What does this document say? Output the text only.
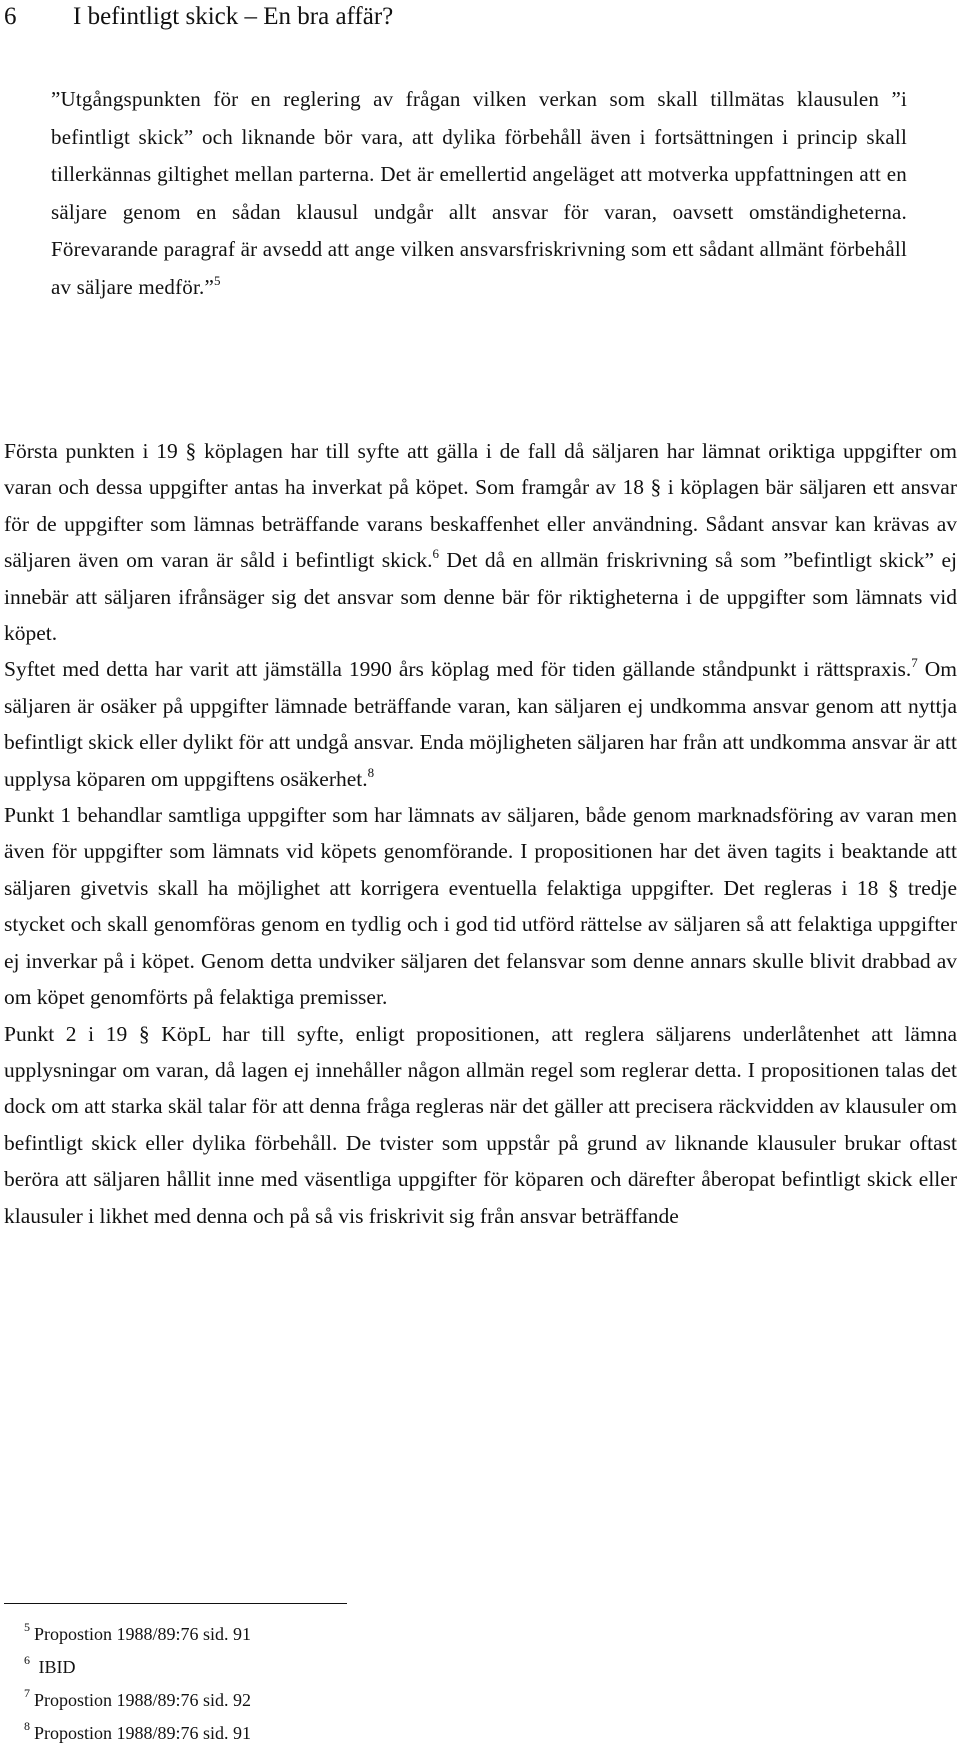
6 I befintligt skick – En bra affär?
”Utgångspunkten för en reglering av frågan vilken verkan som skall tillmätas klausulen ”i befintligt skick” och liknande bör vara, att dylika förbehåll även i fortsättningen i princip skall tillerkännas giltighet mellan parterna. Det är emellertid angeläget att motverka uppfattningen att en säljare genom en sådan klausul undgår allt ansvar för varan, oavsett omständigheterna. Förevarande paragraf är avsedd att ange vilken ansvarsfriskrivning som ett sådant allmänt förbehåll av säljare medför.”$^5$

Första punkten i 19 § köplagen har till syfte att gälla i de fall då säljaren har lämnat oriktiga uppgifter om varan och dessa uppgifter antas ha inverkat på köpet. Som framgår av 18 § i köplagen bär säljaren ett ansvar för de uppgifter som lämnas beträffande varans beskaffenhet eller användning. Sådant ansvar kan krävas av säljaren även om varan är såld i befintligt skick.$^6$ Det då en allmän friskrivning så som ”befintligt skick” ej innebär att säljaren ifrånsäger sig det ansvar som denne bär för riktigheterna i de uppgifter som lämnats vid köpet.

Syftet med detta har varit att jämställa 1990 års köplag med för tiden gällande ståndpunkt i rättspraxis.$^7$ Om säljaren är osäker på uppgifter lämnade beträffande varan, kan säljaren ej undkomma ansvar genom att nyttja befintligt skick eller dylikt för att undgå ansvar. Enda möjligheten säljaren har från att undkomma ansvar är att upplysa köparen om uppgiftens osäkerhet.$^8$

Punkt 1 behandlar samtliga uppgifter som har lämnats av säljaren, både genom marknadsföring av varan men även för uppgifter som lämnats vid köpets genomförande. I propositionen har det även tagits i beaktande att säljaren givetvis skall ha möjlighet att korrigera eventuella felaktiga uppgifter. Det regleras i 18 § tredje stycket och skall genomföras genom en tydlig och i god tid utförd rättelse av säljaren så att felaktiga uppgifter ej inverkar på i köpet. Genom detta undviker säljaren det felansvar som denne annars skulle blivit drabbad av om köpet genomförts på felaktiga premisser.

Punkt 2 i 19 § KöpL har till syfte, enligt propositionen, att reglera säljarens underlåtenhet att lämna upplysningar om varan, då lagen ej innehåller någon allmän regel som reglerar detta. I propositionen talas det dock om att starka skäl talar för att denna fråga regleras när det gäller att precisera räckvidden av klausuler om befintligt skick eller dylika förbehåll. De tvister som uppstår på grund av liknande klausuler brukar oftast beröra att säljaren hållit inne med väsentliga uppgifter för köparen och därefter åberopat befintligt skick eller klausuler i likhet med denna och på så vis friskrivit sig från ansvar beträffande

5 Propostion 1988/89:76 sid. 91
6 IBID
7 Propostion 1988/89:76 sid. 92
8 Propostion 1988/89:76 sid. 91
